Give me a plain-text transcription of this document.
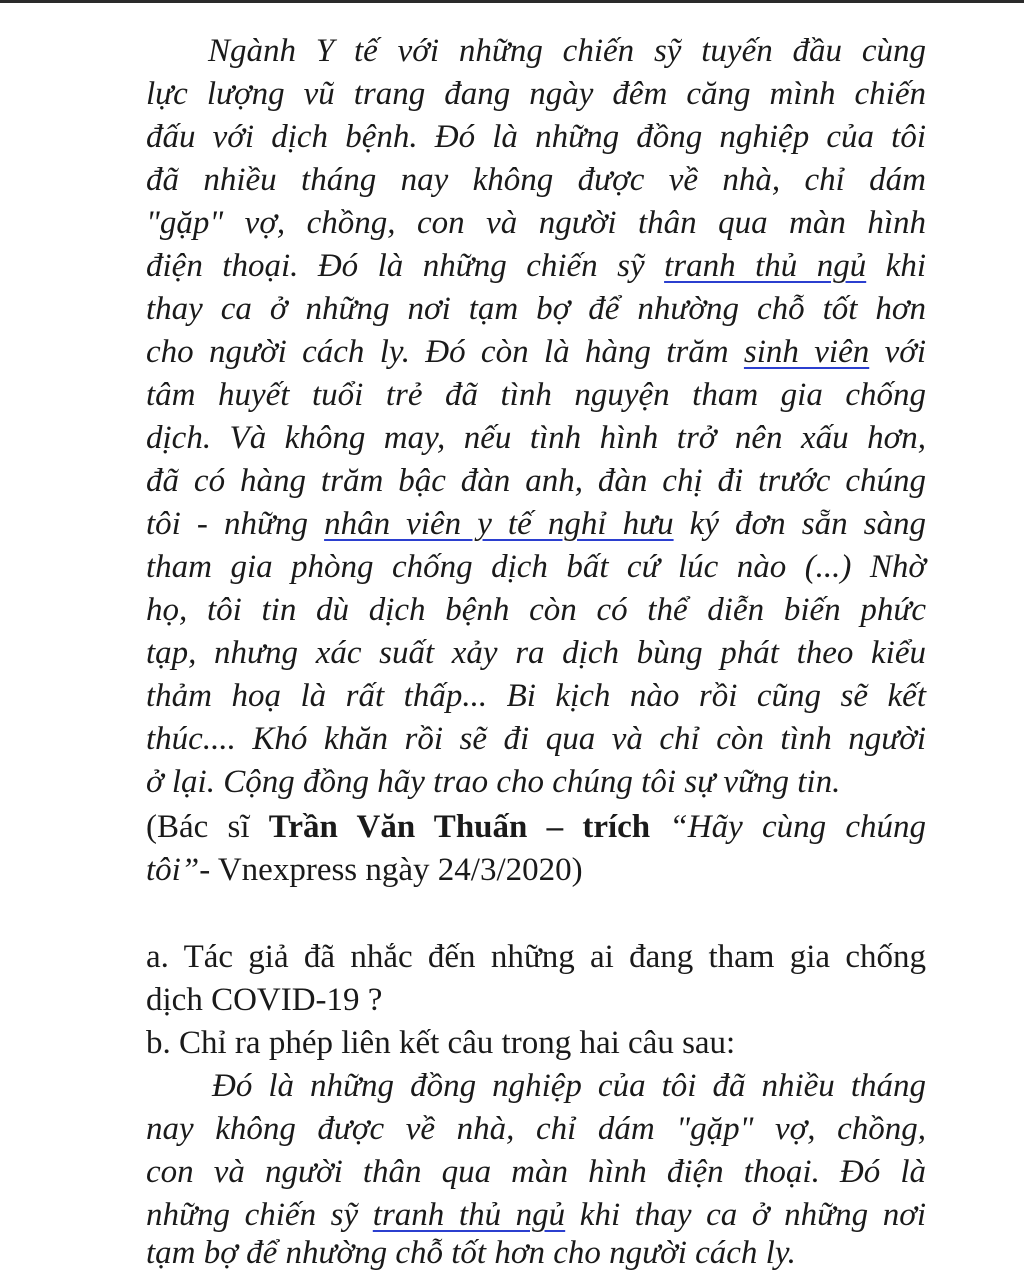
Ngành Y tế với những chiến sỹ tuyến đầu cùng
lực lượng vũ trang đang ngày đêm căng mình chiến
đấu với dịch bệnh. Đó là những đồng nghiệp của tôi
đã nhiều tháng nay không được về nhà, chỉ dám
"gặp" vợ, chồng, con và người thân qua màn hình
điện thoại. Đó là những chiến sỹ tranh thủ ngủ khi
thay ca ở những nơi tạm bợ để nhường chỗ tốt hơn
cho người cách ly. Đó còn là hàng trăm sinh viên với
tâm huyết tuổi trẻ đã tình nguyện tham gia chống
dịch. Và không may, nếu tình hình trở nên xấu hơn,
đã có hàng trăm bậc đàn anh, đàn chị đi trước chúng
tôi - những nhân viên y tế nghỉ hưu ký đơn sẵn sàng
tham gia phòng chống dịch bất cứ lúc nào (...) Nhờ
họ, tôi tin dù dịch bệnh còn có thể diễn biến phức
tạp, nhưng xác suất xảy ra dịch bùng phát theo kiểu
thảm hoạ là rất thấp... Bi kịch nào rồi cũng sẽ kết
thúc.... Khó khăn rồi sẽ đi qua và chỉ còn tình người
ở lại. Cộng đồng hãy trao cho chúng tôi sự vững tin.
(Bác sĩ Trần Văn Thuấn – trích “Hãy cùng chúng
tôi”- Vnexpress ngày 24/3/2020)
a. Tác giả đã nhắc đến những ai đang tham gia chống
dịch COVID-19 ?
b. Chỉ ra phép liên kết câu trong hai câu sau:
Đó là những đồng nghiệp của tôi đã nhiều tháng
nay không được về nhà, chỉ dám "gặp" vợ, chồng,
con và người thân qua màn hình điện thoại. Đó là
những chiến sỹ tranh thủ ngủ khi thay ca ở những nơi
tạm bợ để nhường chỗ tốt hơn cho người cách ly.
